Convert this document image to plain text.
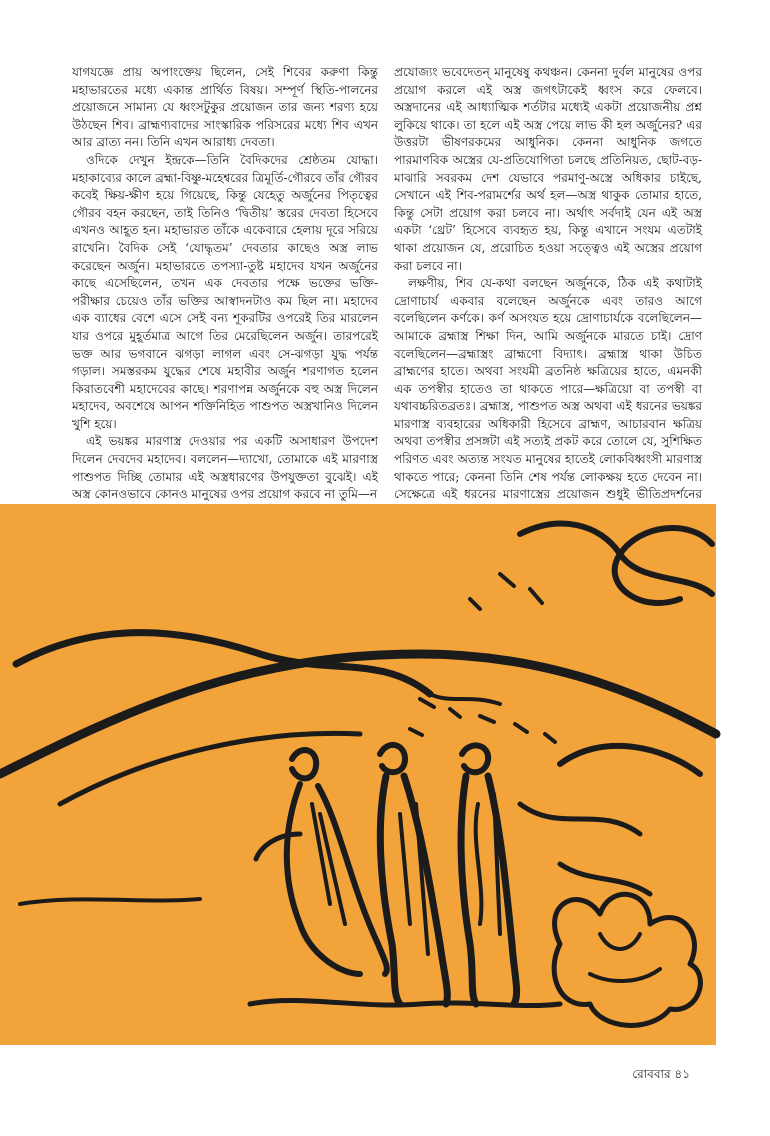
যাগযজ্ঞে প্রায় অপাংক্তেয় ছিলেন, সেই শিবের করুণা কিন্তু মহাভারতের মধ্যে একান্ত প্রার্থিত বিষয়। সম্পূর্ণ স্থিতি-পালনের প্রয়োজনে সামান্য যে ধ্বংসটুকুর প্রয়োজন তার জন্য শরণ্য হয়ে উঠছেন শিব। ব্রাহ্মণ্যবাদের সাংস্কারিক পরিসরের মধ্যে শিব এখন আর ব্রাত্য নন। তিনি এখন আরাধ্য দেবতা।

ওদিকে দেখুন ইন্দ্রকে—তিনি বৈদিকদের শ্রেষ্ঠতম যোদ্ধা। মহাকাব্যের কালে ব্রহ্মা-বিষ্ণু-মহেশ্বরের ত্রিমূর্তি-গৌরবে তাঁর গৌরব কবেই ক্ষিয়-ক্ষীণ হয়ে গিয়েছে, কিন্তু যেহেতু অর্জুনের পিতৃত্বের গৌরব বহন করছেন, তাই তিনিও ‘দ্বিতীয়’ স্তরের দেবতা হিসেবে এখনও আহূত হন। মহাভারত তাঁকে একেবারে হেলায় দূরে সরিয়ে রাখেনি। বৈদিক সেই ‘যোদ্ধৃতম’ দেবতার কাছেও অস্ত্র লাভ করেছেন অর্জুন। মহাভারতে তপস্যা-তুষ্ট মহাদেব যখন অর্জুনের কাছে এসেছিলেন, তখন এক দেবতার পক্ষে ভক্তের ভক্তি-পরীক্ষার চেয়েও তাঁর ভক্তির আস্বাদনটাও কম ছিল না। মহাদেব এক ব্যাধের বেশে এসে সেই বন্য শূকরটির ওপরেই তির মারলেন যার ওপরে মুহূর্তমাত্র আগে তির মেরেছিলেন অর্জুন। তারপরেই ভক্ত আর ভগবানে ঝগড়া লাগল এবং সে-ঝগড়া যুদ্ধ পর্যন্ত গড়াল। সমস্তরকম যুদ্ধের শেষে মহাবীর অর্জুন শরণাগত হলেন কিরাতবেশী মহাদেবের কাছে। শরণাপন্ন অর্জুনকে বহু অস্ত্র দিলেন মহাদেব, অবশেষে আপন শক্তিনিহিত পাশুপত অস্ত্রখানিও দিলেন খুশি হয়ে।

এই ভয়ঙ্কর মারণাস্ত্র দেওয়ার পর একটি অসাধারণ উপদেশ দিলেন দেবদেব মহাদেব। বললেন—দ্যাখো, তোমাকে এই মারণাস্ত্র পাশুপত দিচ্ছি তোমার এই অস্ত্রধারণের উপযুক্ততা বুঝেই। এই অস্ত্র কোনওভাবে কোনও মানুষের ওপর প্রয়োগ করবে না তুমি—ন

প্রযোজ্যং ভবেদেতন্ মানুষেষু কথঞ্চন। কেননা দুর্বল মানুষের ওপর প্রয়োগ করলে এই অস্ত্র জগৎটাকেই ধ্বংস করে ফেলবে। অস্ত্রদানের এই আধ্যাত্মিক শর্তটার মধ্যেই একটা প্রয়োজনীয় প্রশ্ন লুকিয়ে থাকে। তা হলে এই অস্ত্র পেয়ে লাভ কী হল অর্জুনের? এর উত্তরটা ভীষণরকমের আধুনিক। কেননা আধুনিক জগতে পারমাণবিক অস্ত্রের যে-প্রতিযোগিতা চলছে প্রতিনিয়ত, ছোট-বড়-মাঝারি সবরকম দেশ যেভাবে পরমাণু-অস্ত্রে অধিকার চাইছে, সেখানে এই শিব-পরামর্শের অর্থ হল—অস্ত্র থাকুক তোমার হাতে, কিন্তু সেটা প্রয়োগ করা চলবে না। অর্থাৎ সর্বদাই যেন এই অস্ত্র একটা ‘থ্রেট’ হিসেবে ব্যবহৃত হয়, কিন্তু এখানে সংযম এতটাই থাকা প্রয়োজন যে, প্ররোচিত হওয়া সত্ত্বেও এই অস্ত্রের প্রয়োগ করা চলবে না।

লক্ষণীয়, শিব যে-কথা বলছেন অর্জুনকে, ঠিক এই কথাটাই দ্রোণাচার্য একবার বলেছেন অর্জুনকে এবং তারও আগে বলেছিলেন কর্ণকে। কর্ণ অসংযত হয়ে দ্রোণাচার্যকে বলেছিলেন—আমাকে ব্রহ্মাস্ত্র শিক্ষা দিন, আমি অর্জুনকে মারতে চাই। দ্রোণ বলেছিলেন—ব্রহ্মাস্ত্রং ব্রাহ্মণো বিদ্যাৎ। ব্রহ্মাস্ত্র থাকা উচিত ব্রাহ্মণের হাতে। অথবা সংযমী ব্রতনিষ্ঠ ক্ষত্রিয়ের হাতে, এমনকী এক তপস্বীর হাতেও তা থাকতে পারে—ক্ষত্রিয়ো বা তপস্বী বা যথাবচ্চরিতব্রতঃ। ব্রহ্মাস্ত্র, পাশুপত অস্ত্র অথবা এই ধরনের ভয়ঙ্কর মারণাস্ত্র ব্যবহারের অধিকারী হিসেবে ব্রাহ্মণ, আচারবান ক্ষত্রিয় অথবা তপস্বীর প্রসঙ্গটা এই সত্যই প্রকট করে তোলে যে, সুশিক্ষিত পরিণত এবং অত্যন্ত সংযত মানুষের হাতেই লোকবিধ্বংসী মারণাস্ত্র থাকতে পারে; কেননা তিনি শেষ পর্যন্ত লোকক্ষয় হতে দেবেন না। সেক্ষেত্রে এই ধরনের মারণাস্ত্রের প্রয়োজন শুধুই ভীতিপ্রদর্শনের

রোববার ৪১
